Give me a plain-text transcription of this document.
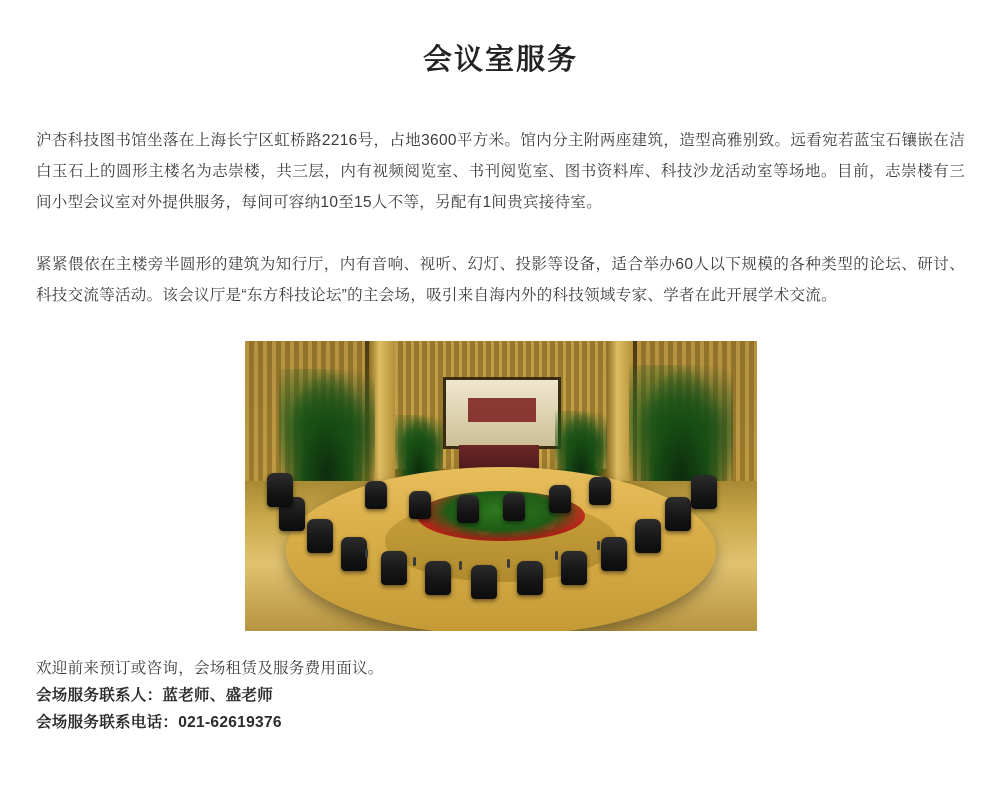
会议室服务

沪杏科技图书馆坐落在上海长宁区虹桥路2216号，占地3600平方米。馆内分主附两座建筑，造型高雅别致。远看宛若蓝宝石镶嵌在洁白玉石上的圆形主楼名为志崇楼，共三层，内有视频阅览室、书刊阅览室、图书资料库、科技沙龙活动室等场地。目前，志崇楼有三间小型会议室对外提供服务，每间可容纳10至15人不等，另配有1间贵宾接待室。

紧紧偎依在主楼旁半圆形的建筑为知行厅，内有音响、视听、幻灯、投影等设备，适合举办60人以下规模的各种类型的论坛、研讨、科技交流等活动。该会议厅是“东方科技论坛”的主会场，吸引来自海内外的科技领域专家、学者在此开展学术交流。

欢迎前来预订或咨询，会场租赁及服务费用面议。

会场服务联系人：蓝老师、盛老师

会场服务联系电话：021-62619376
